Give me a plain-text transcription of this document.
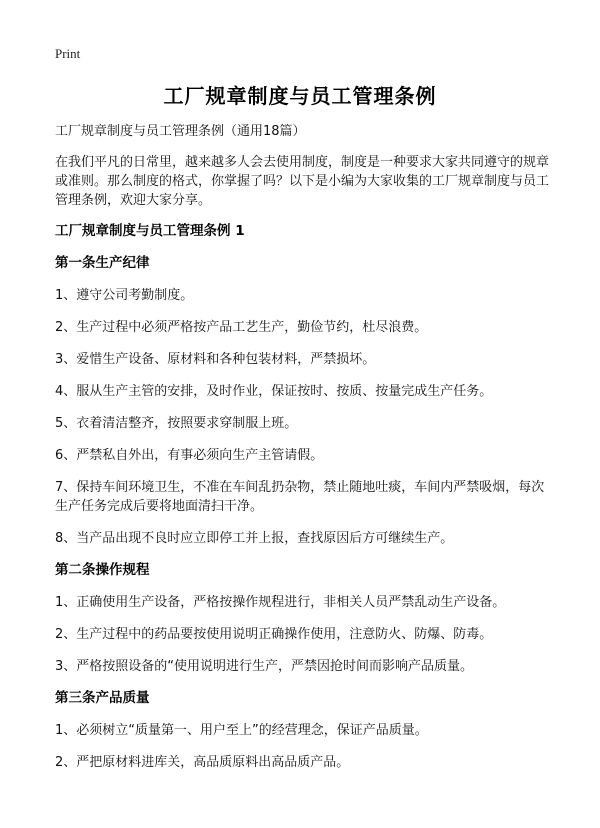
Print
工厂规章制度与员工管理条例

工厂规章制度与员工管理条例（通用18篇）

在我们平凡的日常里，越来越多人会去使用制度，制度是一种要求大家共同遵守的规章或准则。那么制度的格式，你掌握了吗？以下是小编为大家收集的工厂规章制度与员工管理条例，欢迎大家分享。

工厂规章制度与员工管理条例 1
第一条生产纪律
1、遵守公司考勤制度。
2、生产过程中必须严格按产品工艺生产，勤俭节约，杜尽浪费。
3、爱惜生产设备、原材料和各种包装材料，严禁损坏。
4、服从生产主管的安排，及时作业，保证按时、按质、按量完成生产任务。
5、衣着清洁整齐，按照要求穿制服上班。
6、严禁私自外出，有事必须向生产主管请假。
7、保持车间环境卫生，不准在车间乱扔杂物，禁止随地吐痰，车间内严禁吸烟，每次生产任务完成后要将地面清扫干净。
8、当产品出现不良时应立即停工并上报，查找原因后方可继续生产。
第二条操作规程
1、正确使用生产设备，严格按操作规程进行，非相关人员严禁乱动生产设备。
2、生产过程中的药品要按使用说明正确操作使用，注意防火、防爆、防毒。
3、严格按照设备的“使用说明进行生产，严禁因抢时间而影响产品质量。
第三条产品质量
1、必须树立“质量第一、用户至上”的经营理念，保证产品质量。
2、严把原材料进库关，高品质原料出高品质产品。
